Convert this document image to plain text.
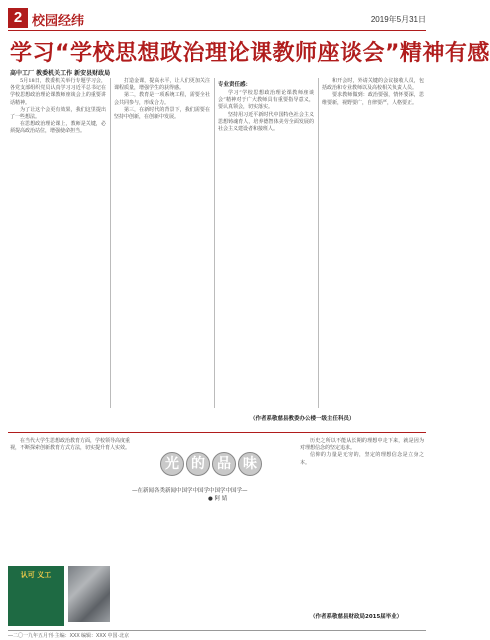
2 校园经纬	2019年5月31日
学习“学校思想政治理论课教师座谈会”精神有感
高中工厂 教委机关工作 新安县财政局

5月18日，教委机关举行专题学习会，各党支部组织党员认真学习习近平总书记在学校思想政治理论课教师座谈会上的重要讲话精神。

为了让这个会更有效果，我们这里提出了一些想法。

在思想政治理论课上，教师是关键，必须提高政治站位，增强使命担当。

打造金课，提高水平，让人们更加关注课程质量，增强学生的获得感。

第二，教育是一项系统工程，需要全社会共同参与，形成合力。

第三，在新时代的背景下，我们需要在坚持中创新，在创新中发展。

专业责任感：

学习“学校思想政治理论课教师座谈会”精神对于广大教师具有重要指导意义，要认真领会，切实落实。

坚持用习近平新时代中国特色社会主义思想铸魂育人，培养德智体美劳全面发展的社会主义建设者和接班人。

和开会时，外请关键的会议接收人员，包括政治和专业教师以及高校相关负责人员。

要求教师做到：政治要强，情怀要深，思维要新，视野要广，自律要严，人格要正。

（作者系敬慈县教委办公楼一级主任科员）

在当代大学生思想政治教育方面，学校领导高度重视，不断探索创新教育方式方法，切实提升育人实效。

光 的 品 味
—在新闻各类新闻中国学中国学中国学中国学—
● 阿 婧

历史之所以不能从长期的理想中走下来，就是因为对理想信念的坚定追求。

信仰的力量是无穷的，坚定的理想信念是立身之本。

认可 义工
（作者系敬慈县财政局2015届毕业）
—二〇一九年五月刊·主编：XXX 编辑：XXX 中国·北京
